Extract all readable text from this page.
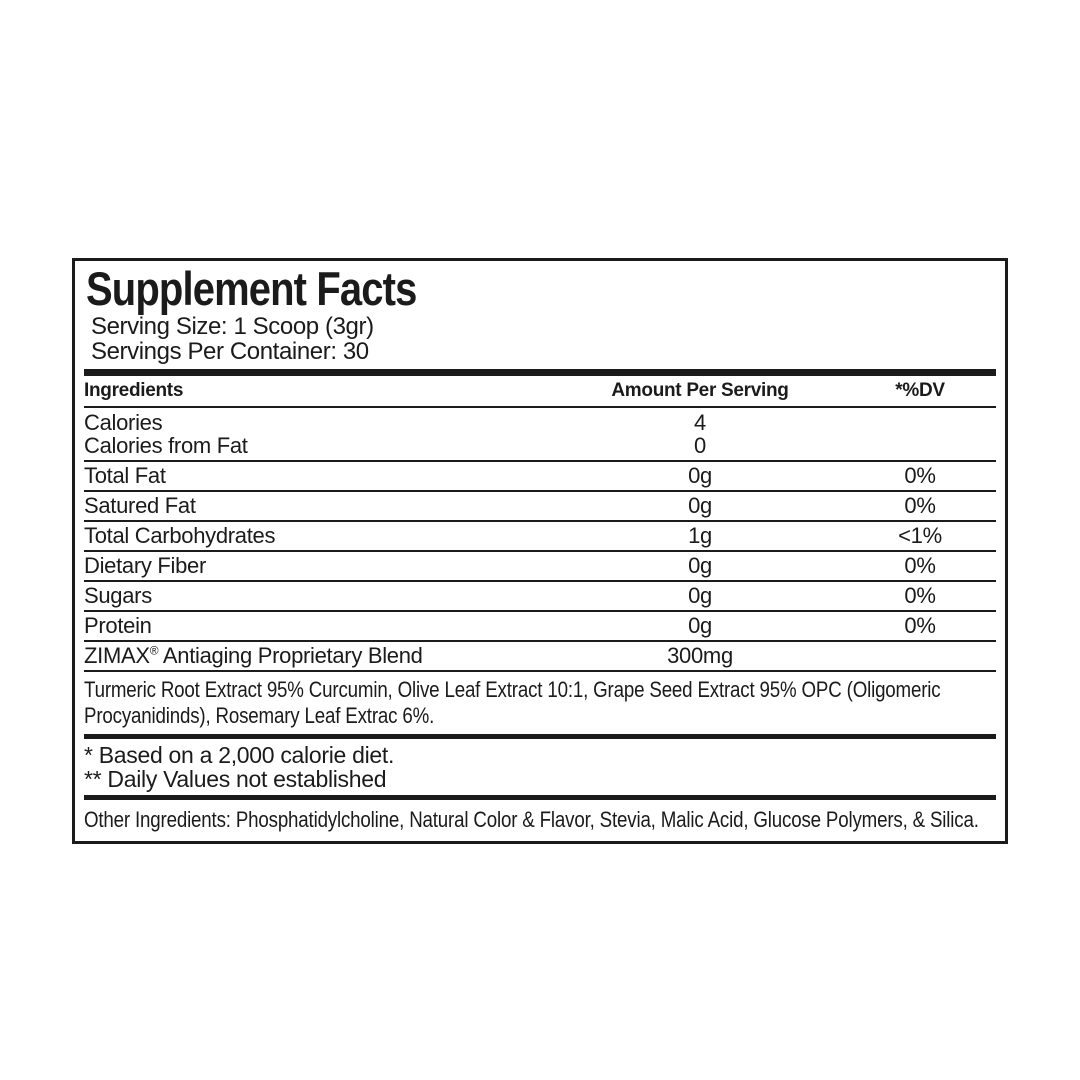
Supplement Facts
Serving Size: 1 Scoop (3gr)
Servings Per Container: 30
Ingredients	Amount Per Serving	*%DV
Calories	4
Calories from Fat	0
Total Fat	0g	0%
Satured Fat	0g	0%
Total Carbohydrates	1g	<1%
Dietary Fiber	0g	0%
Sugars	0g	0%
Protein	0g	0%
ZIMAX® Antiaging Proprietary Blend	300mg
Turmeric Root Extract 95% Curcumin, Olive Leaf Extract 10:1, Grape Seed Extract 95% OPC (Oligomeric Procyanidinds), Rosemary Leaf Extrac 6%.
* Based on a 2,000 calorie diet.
** Daily Values not established
Other Ingredients: Phosphatidylcholine, Natural Color & Flavor, Stevia, Malic Acid, Glucose Polymers, & Silica.
